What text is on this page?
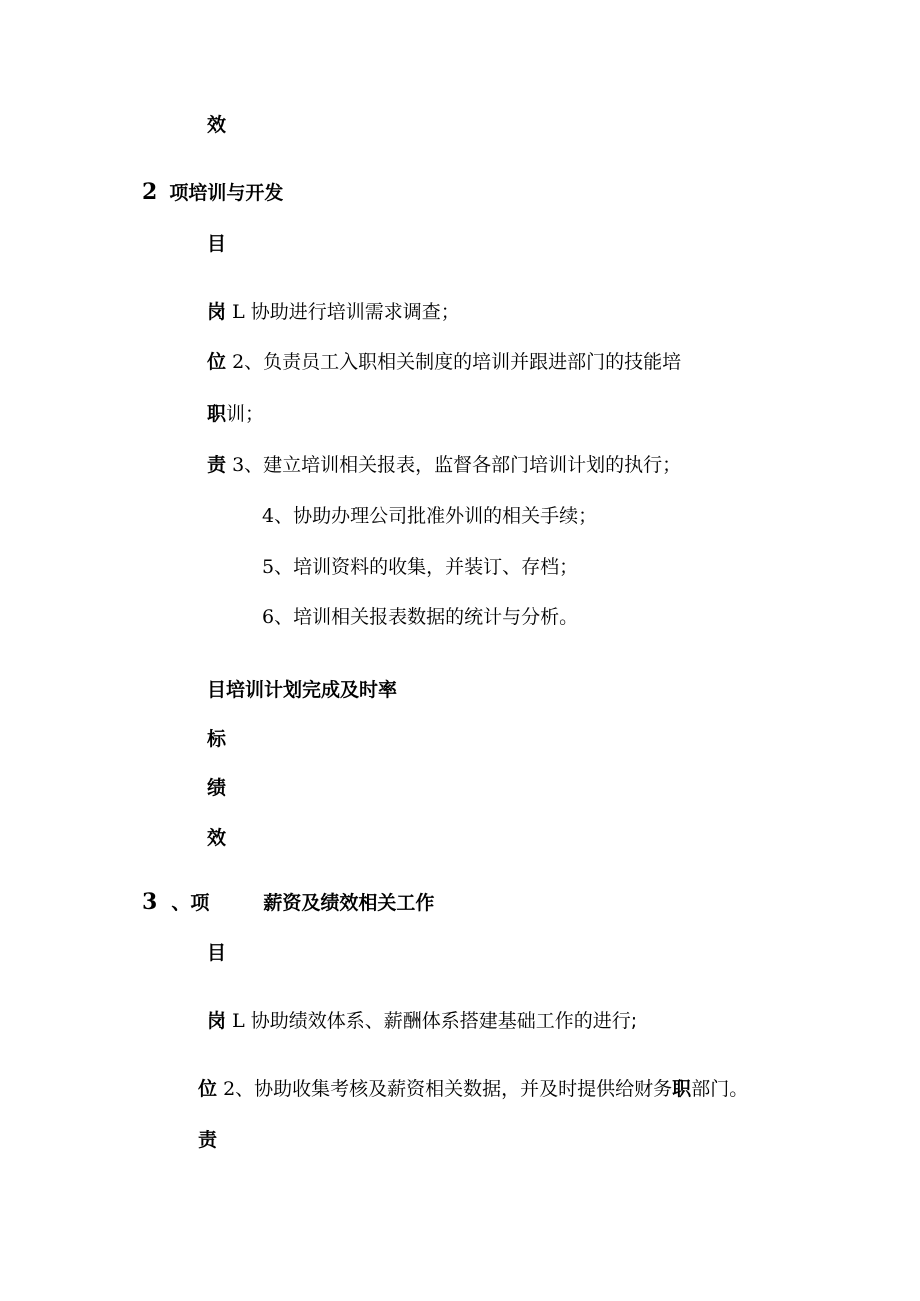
效
2 项培训与开发
目
岗 L 协助进行培训需求调查；
位 2、负责员工入职相关制度的培训并跟进部门的技能培
职训；
责 3、建立培训相关报表，监督各部门培训计划的执行；
4、协助办理公司批准外训的相关手续；
5、培训资料的收集，并装订、存档；
6、培训相关报表数据的统计与分析。
目培训计划完成及时率
标
绩
效
3 、项	薪资及绩效相关工作
目
岗 L 协助绩效体系、薪酬体系搭建基础工作的进行;
位 2、协助收集考核及薪资相关数据，并及时提供给财务职部门。
责
